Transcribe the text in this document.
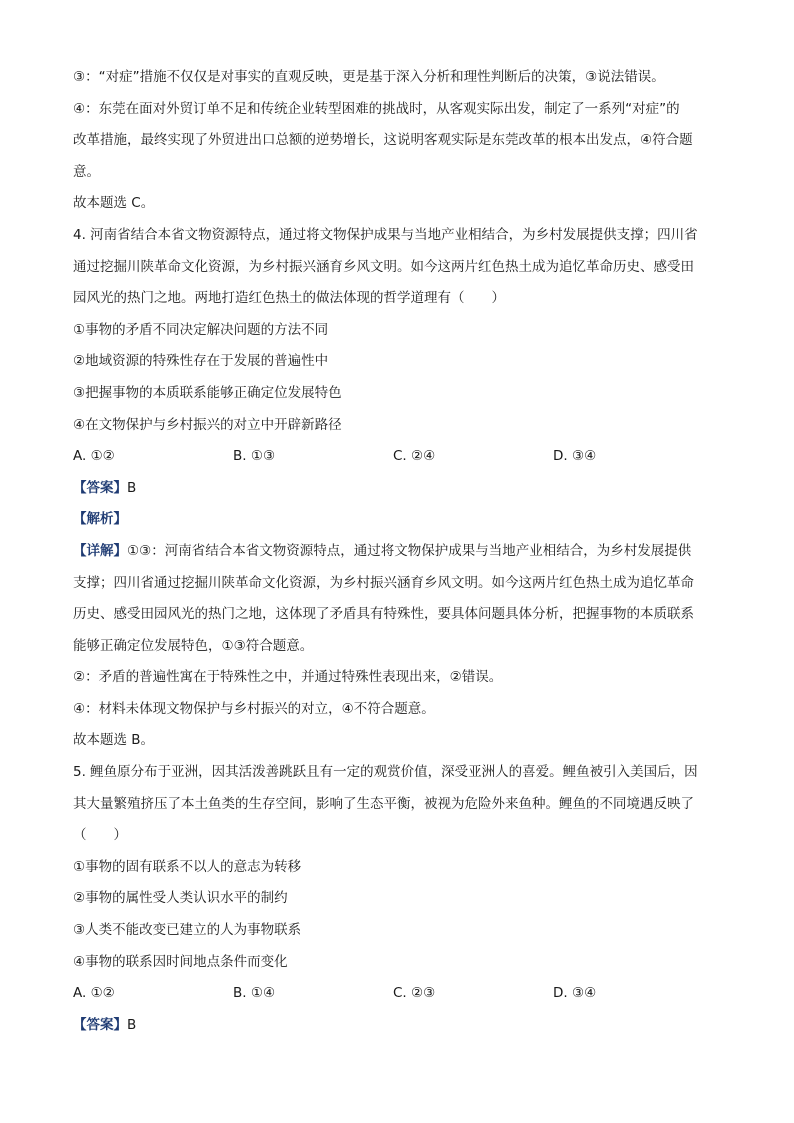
③：“对症”措施不仅仅是对事实的直观反映，更是基于深入分析和理性判断后的决策，③说法错误。
④：东莞在面对外贸订单不足和传统企业转型困难的挑战时，从客观实际出发，制定了一系列“对症”的
改革措施，最终实现了外贸进出口总额的逆势增长，这说明客观实际是东莞改革的根本出发点，④符合题
意。
故本题选 C。
4. 河南省结合本省文物资源特点，通过将文物保护成果与当地产业相结合，为乡村发展提供支撑；四川省
通过挖掘川陕革命文化资源，为乡村振兴涵育乡风文明。如今这两片红色热土成为追忆革命历史、感受田
园风光的热门之地。两地打造红色热土的做法体现的哲学道理有（　　）
①事物的矛盾不同决定解决问题的方法不同
②地域资源的特殊性存在于发展的普遍性中
③把握事物的本质联系能够正确定位发展特色
④在文物保护与乡村振兴的对立中开辟新路径
A. ①②	B. ①③	C. ②④	D. ③④
【答案】B
【解析】
【详解】①③：河南省结合本省文物资源特点，通过将文物保护成果与当地产业相结合，为乡村发展提供
支撑；四川省通过挖掘川陕革命文化资源，为乡村振兴涵育乡风文明。如今这两片红色热土成为追忆革命
历史、感受田园风光的热门之地，这体现了矛盾具有特殊性，要具体问题具体分析，把握事物的本质联系
能够正确定位发展特色，①③符合题意。
②：矛盾的普遍性寓在于特殊性之中，并通过特殊性表现出来，②错误。
④：材料未体现文物保护与乡村振兴的对立，④不符合题意。
故本题选 B。
5. 鲤鱼原分布于亚洲，因其活泼善跳跃且有一定的观赏价值，深受亚洲人的喜爱。鲤鱼被引入美国后，因
其大量繁殖挤压了本土鱼类的生存空间，影响了生态平衡，被视为危险外来鱼种。鲤鱼的不同境遇反映了
（　　）
①事物的固有联系不以人的意志为转移
②事物的属性受人类认识水平的制约
③人类不能改变已建立的人为事物联系
④事物的联系因时间地点条件而变化
A. ①②	B. ①④	C. ②③	D. ③④
【答案】B
